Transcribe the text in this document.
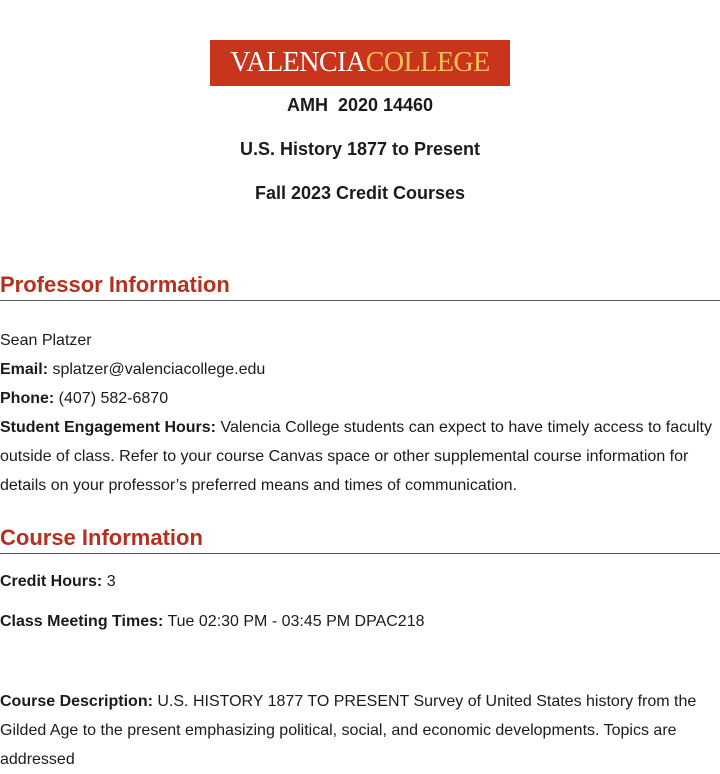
VALENCIA COLLEGE
AMH  2020 14460
U.S. History 1877 to Present
Fall 2023 Credit Courses
Professor Information
Sean Platzer
Email: splatzer@valenciacollege.edu
Phone: (407) 582-6870
Student Engagement Hours: Valencia College students can expect to have timely access to faculty outside of class. Refer to your course Canvas space or other supplemental course information for details on your professor’s preferred means and times of communication.
Course Information
Credit Hours: 3
Class Meeting Times: Tue 02:30 PM - 03:45 PM DPAC218
Course Description: U.S. HISTORY 1877 TO PRESENT Survey of United States history from the Gilded Age to the present emphasizing political, social, and economic developments. Topics are addressed
